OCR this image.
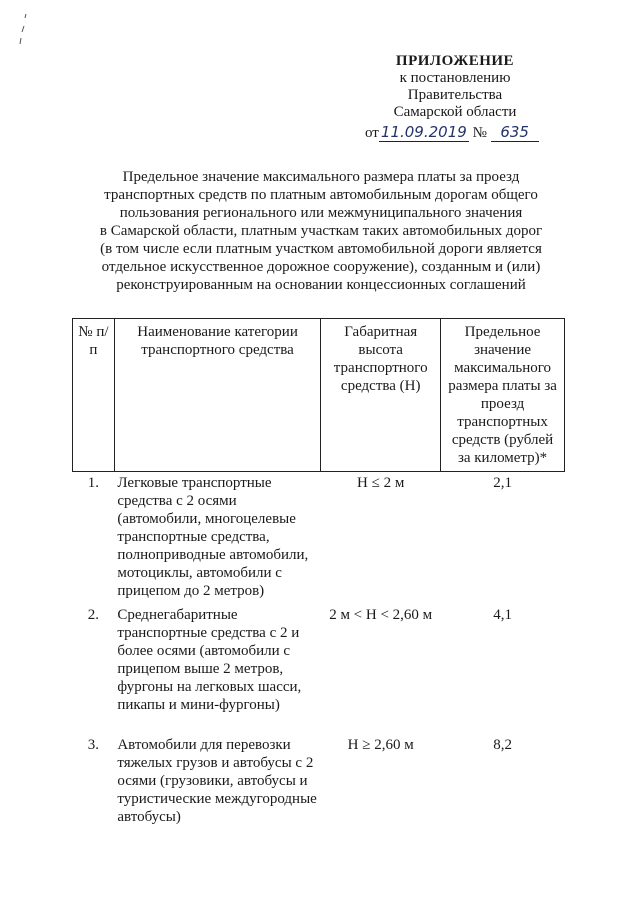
ПРИЛОЖЕНИЕ
к постановлению Правительства
Самарской области
от 11.09.2019 № 635
Предельное значение максимального размера платы за проезд
транспортных средств по платным автомобильным дорогам общего
пользования регионального или межмуниципального значения
в Самарской области, платным участкам таких автомобильных дорог
(в том числе если платным участком автомобильной дороги является
отдельное искусственное дорожное сооружение), созданным и (или)
реконструированным на основании концессионных соглашений
№ п/п	Наименование категории транспортного средства	Габаритная высота транспортного средства (H)	Предельное значение максимального размера платы за проезд транспортных средств (рублей за километр)*
1.	Легковые транспортные средства с 2 осями (автомобили, многоцелевые транспортные средства, полноприводные автомобили, мотоциклы, автомобили с прицепом до 2 метров)	H ≤ 2 м	2,1
2.	Среднегабаритные транспортные средства с 2 и более осями (автомобили с прицепом выше 2 метров, фургоны на легковых шасси, пикапы и мини-фургоны)	2 м < H < 2,60 м	4,1
3.	Автомобили для перевозки тяжелых грузов и автобусы с 2 осями (грузовики, автобусы и туристические междугородные автобусы)	H ≥ 2,60 м	8,2
